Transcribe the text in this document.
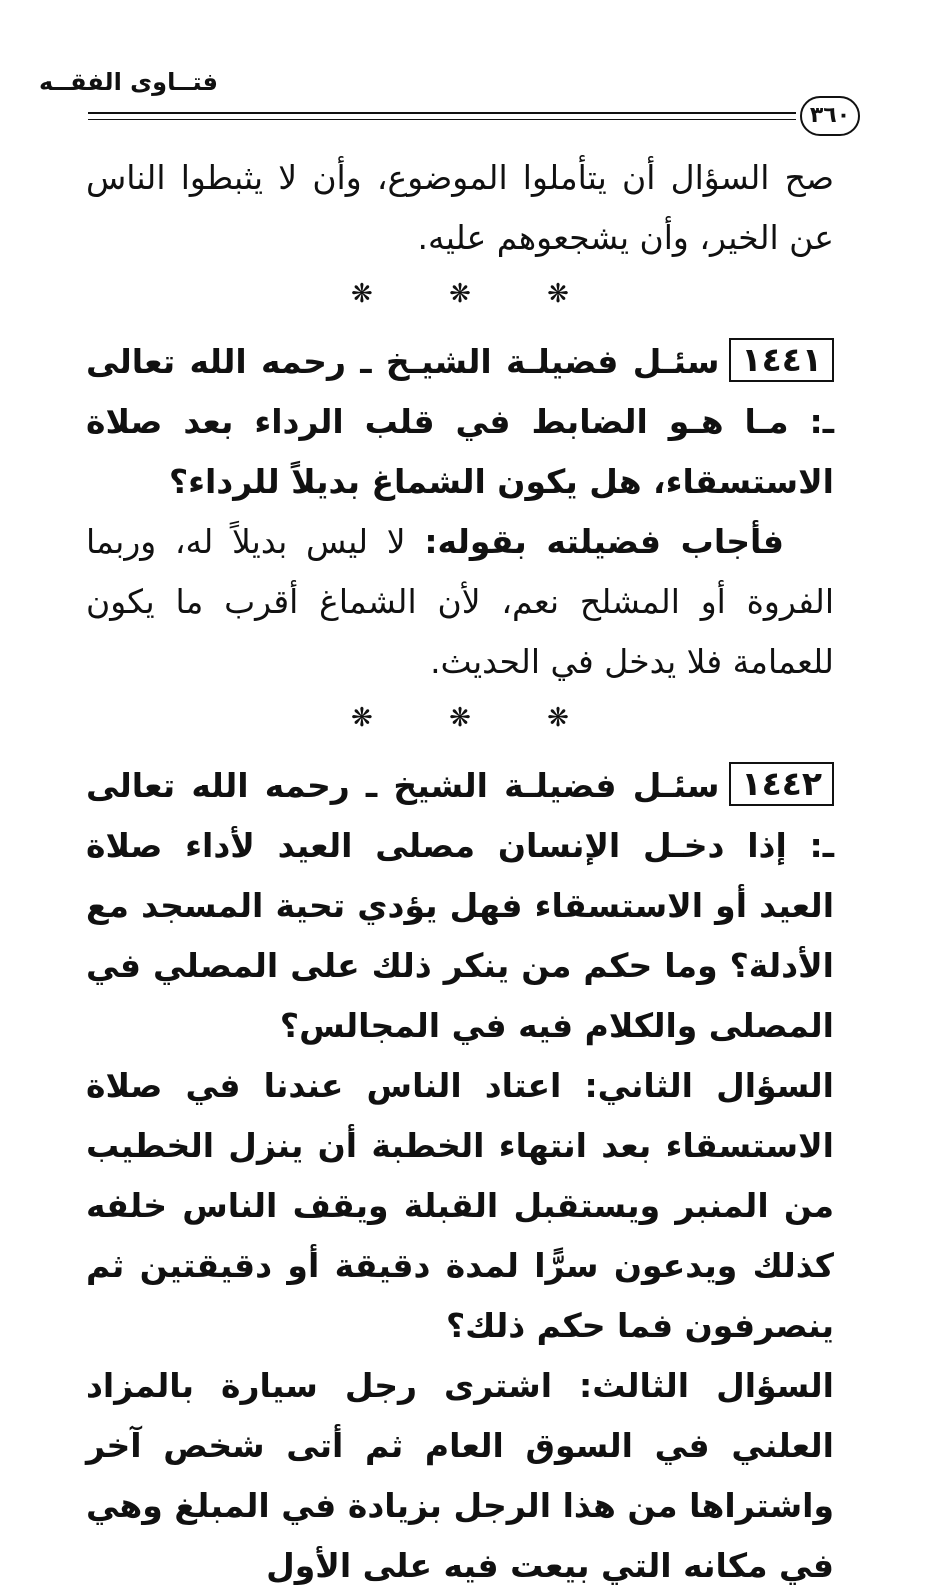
فتــاوى الفقــه
٣٦٠

صح السؤال أن يتأملوا الموضوع، وأن لا يثبطوا الناس عن الخير، وأن يشجعوهم عليه.

❋ ❋ ❋

١٤٤١سئـل فضيلـة الشيـخ ـ رحمه الله تعالى ـ: مـا هـو الضابط في قلب الرداء بعد صلاة الاستسقاء، هل يكون الشماغ بديلاً للرداء؟

فأجاب فضيلته بقوله: لا ليس بديلاً له، وربما الفروة أو المشلح نعم، لأن الشماغ أقرب ما يكون للعمامة فلا يدخل في الحديث.

❋ ❋ ❋

١٤٤٢سئـل فضيلـة الشيخ ـ رحمه الله تعالى ـ: إذا دخـل الإنسان مصلى العيد لأداء صلاة العيد أو الاستسقاء فهل يؤدي تحية المسجد مع الأدلة؟ وما حكم من ينكر ذلك على المصلي في المصلى والكلام فيه في المجالس؟

السؤال الثاني: اعتاد الناس عندنا في صلاة الاستسقاء بعد انتهاء الخطبة أن ينزل الخطيب من المنبر ويستقبل القبلة ويقف الناس خلفه كذلك ويدعون سرًّا لمدة دقيقة أو دقيقتين ثم ينصرفون فما حكم ذلك؟

السؤال الثالث: اشترى رجل سيارة بالمزاد العلني في السوق العام ثم أتى شخص آخر واشتراها من هذا الرجل بزيادة في المبلغ وهي في مكانه التي بيعت فيه على الأول
